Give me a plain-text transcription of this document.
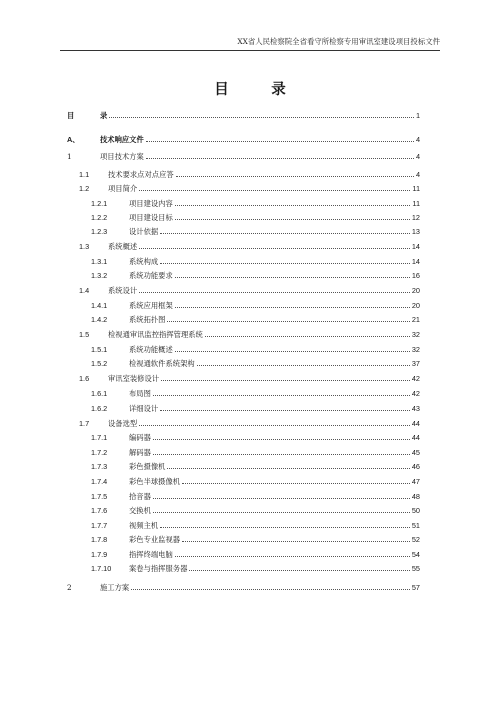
XX省人民检察院全省看守所检察专用审讯室建设项目投标文件
目　录
目	录	1
A、	技术响应文件	4
1	项目技术方案	4
1.1	技术要求点对点应答	4
1.2	项目简介	11
1.2.1	项目建设内容	11
1.2.2	项目建设目标	12
1.2.3	设计依据	13
1.3	系统概述	14
1.3.1	系统构成	14
1.3.2	系统功能要求	16
1.4	系统设计	20
1.4.1	系统应用框架	20
1.4.2	系统拓扑图	21
1.5	检视通审讯监控指挥管理系统	32
1.5.1	系统功能概述	32
1.5.2	检视通软件系统架构	37
1.6	审讯室装修设计	42
1.6.1	布局图	42
1.6.2	详细设计	43
1.7	设备选型	44
1.7.1	编码器	44
1.7.2	解码器	45
1.7.3	彩色摄像机	46
1.7.4	彩色半球摄像机	47
1.7.5	拾音器	48
1.7.6	交换机	50
1.7.7	视频主机	51
1.7.8	彩色专业监视器	52
1.7.9	指挥终端电脑	54
1.7.10	案卷与指挥服务器	55
2	施工方案	57
